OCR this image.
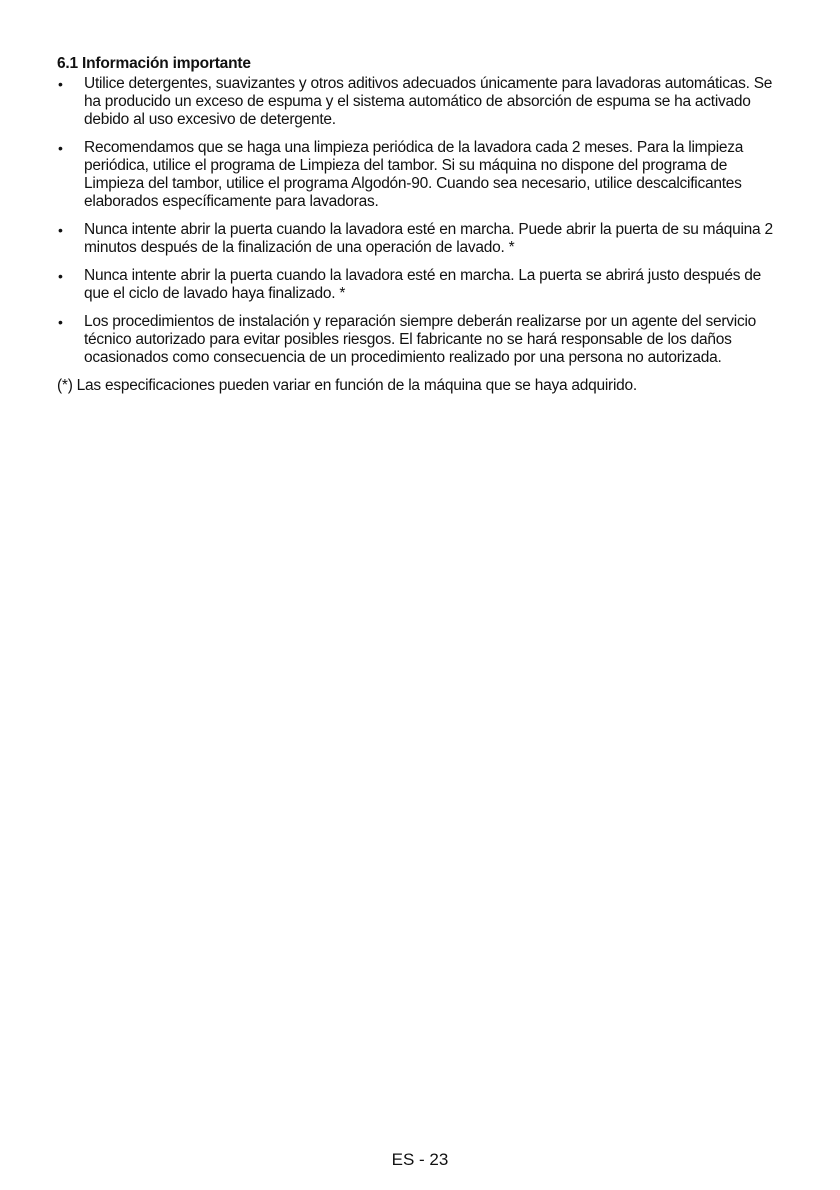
6.1 Información importante
• Utilice detergentes, suavizantes y otros aditivos adecuados únicamente para lavadoras automáticas. Se ha producido un exceso de espuma y el sistema automático de absorción de espuma se ha activado debido al uso excesivo de detergente.
• Recomendamos que se haga una limpieza periódica de la lavadora cada 2 meses. Para la limpieza periódica, utilice el programa de Limpieza del tambor. Si su máquina no dispone del programa de Limpieza del tambor, utilice el programa Algodón-90. Cuando sea necesario, utilice descalcificantes elaborados específicamente para lavadoras.
• Nunca intente abrir la puerta cuando la lavadora esté en marcha. Puede abrir la puerta de su máquina 2 minutos después de la finalización de una operación de lavado. *
• Nunca intente abrir la puerta cuando la lavadora esté en marcha. La puerta se abrirá justo después de que el ciclo de lavado haya finalizado. *
• Los procedimientos de instalación y reparación siempre deberán realizarse por un agente del servicio técnico autorizado para evitar posibles riesgos. El fabricante no se hará responsable de los daños ocasionados como consecuencia de un procedimiento realizado por una persona no autorizada.
(*) Las especificaciones pueden variar en función de la máquina que se haya adquirido.
ES - 23
